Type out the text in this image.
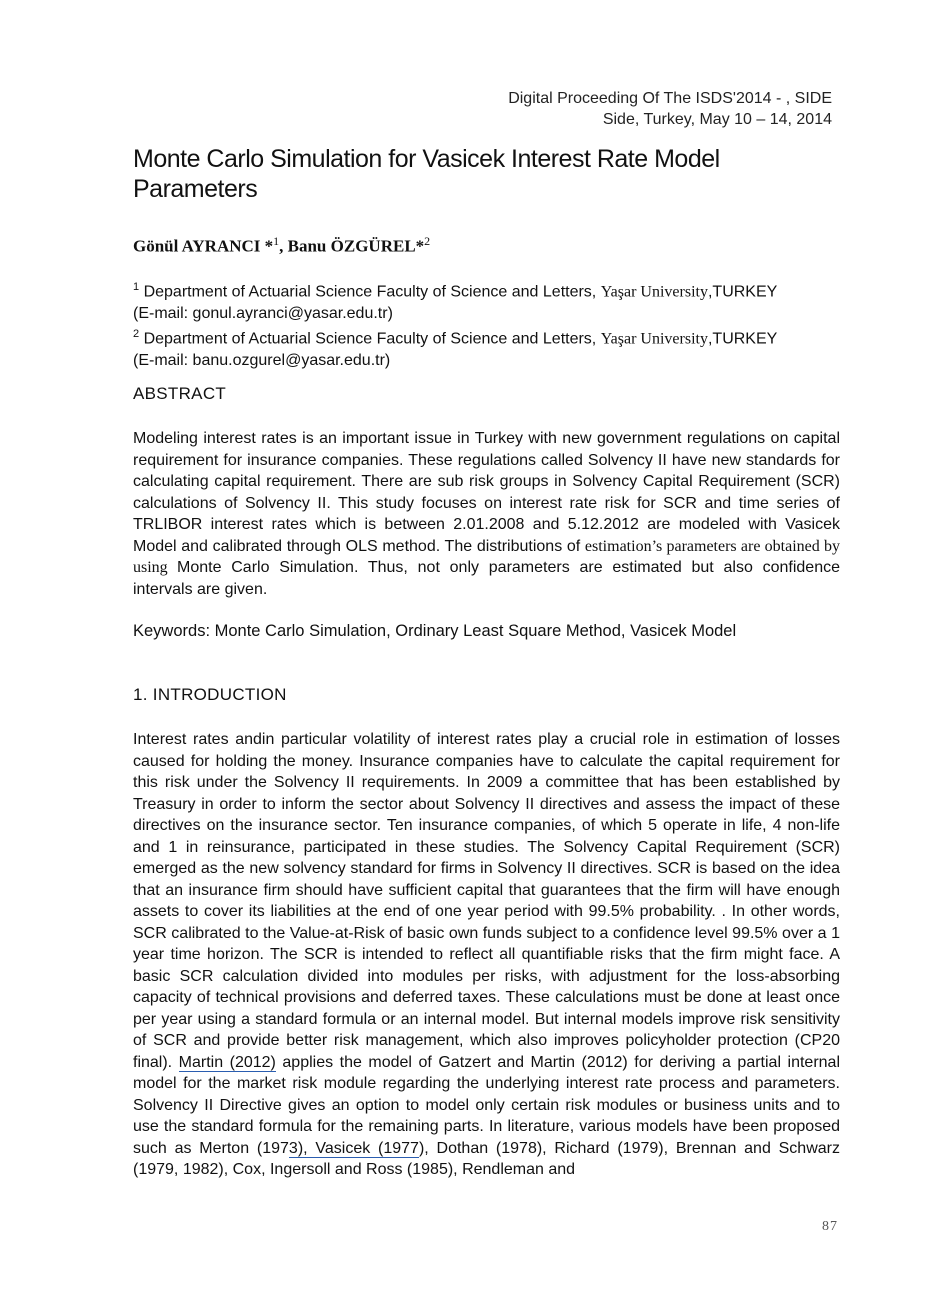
Digital Proceeding Of The ISDS'2014 - , SIDE
Side, Turkey, May 10 – 14, 2014
Monte Carlo Simulation for Vasicek Interest Rate Model Parameters
Gönül AYRANCI *$^1$, Banu ÖZGÜREL*$^2$
$^1$ Department of Actuarial Science Faculty of Science and Letters, Yaşar University,TURKEY
(E-mail: gonul.ayranci@yasar.edu.tr)
$^2$ Department of Actuarial Science Faculty of Science and Letters, Yaşar University,TURKEY
(E-mail: banu.ozgurel@yasar.edu.tr)
ABSTRACT

Modeling interest rates is an important issue in Turkey with new government regulations on capital requirement for insurance companies. These regulations called Solvency II have new standards for calculating capital requirement. There are sub risk groups in Solvency Capital Requirement (SCR) calculations of Solvency II. This study focuses on interest rate risk for SCR and time series of TRLIBOR interest rates which is between 2.01.2008 and 5.12.2012 are modeled with Vasicek Model and calibrated through OLS method. The distributions of estimation’s parameters are obtained by using Monte Carlo Simulation. Thus, not only parameters are estimated but also confidence intervals are given.

Keywords: Monte Carlo Simulation, Ordinary Least Square Method, Vasicek Model
1. INTRODUCTION

Interest rates andin particular volatility of interest rates play a crucial role in estimation of losses caused for holding the money. Insurance companies have to calculate the capital requirement for this risk under the Solvency II requirements. In 2009 a committee that has been established by Treasury in order to inform the sector about Solvency II directives and assess the impact of these directives on the insurance sector. Ten insurance companies, of which 5 operate in life, 4 non-life and 1 in reinsurance, participated in these studies. The Solvency Capital Requirement (SCR) emerged as the new solvency standard for firms in Solvency II directives. SCR is based on the idea that an insurance firm should have sufficient capital that guarantees that the firm will have enough assets to cover its liabilities at the end of one year period with 99.5% probability. . In other words, SCR calibrated to the Value-at-Risk of basic own funds subject to a confidence level 99.5% over a 1 year time horizon. The SCR is intended to reflect all quantifiable risks that the firm might face. A basic SCR calculation divided into modules per risks, with adjustment for the loss-absorbing capacity of technical provisions and deferred taxes. These calculations must be done at least once per year using a standard formula or an internal model. But internal models improve risk sensitivity of SCR and provide better risk management, which also improves policyholder protection (CP20 final). Martin (2012) applies the model of Gatzert and Martin (2012) for deriving a partial internal model for the market risk module regarding the underlying interest rate process and parameters. Solvency II Directive gives an option to model only certain risk modules or business units and to use the standard formula for the remaining parts. In literature, various models have been proposed such as Merton (1973), Vasicek (1977), Dothan (1978), Richard (1979), Brennan and Schwarz (1979, 1982), Cox, Ingersoll and Ross (1985), Rendleman and

87
